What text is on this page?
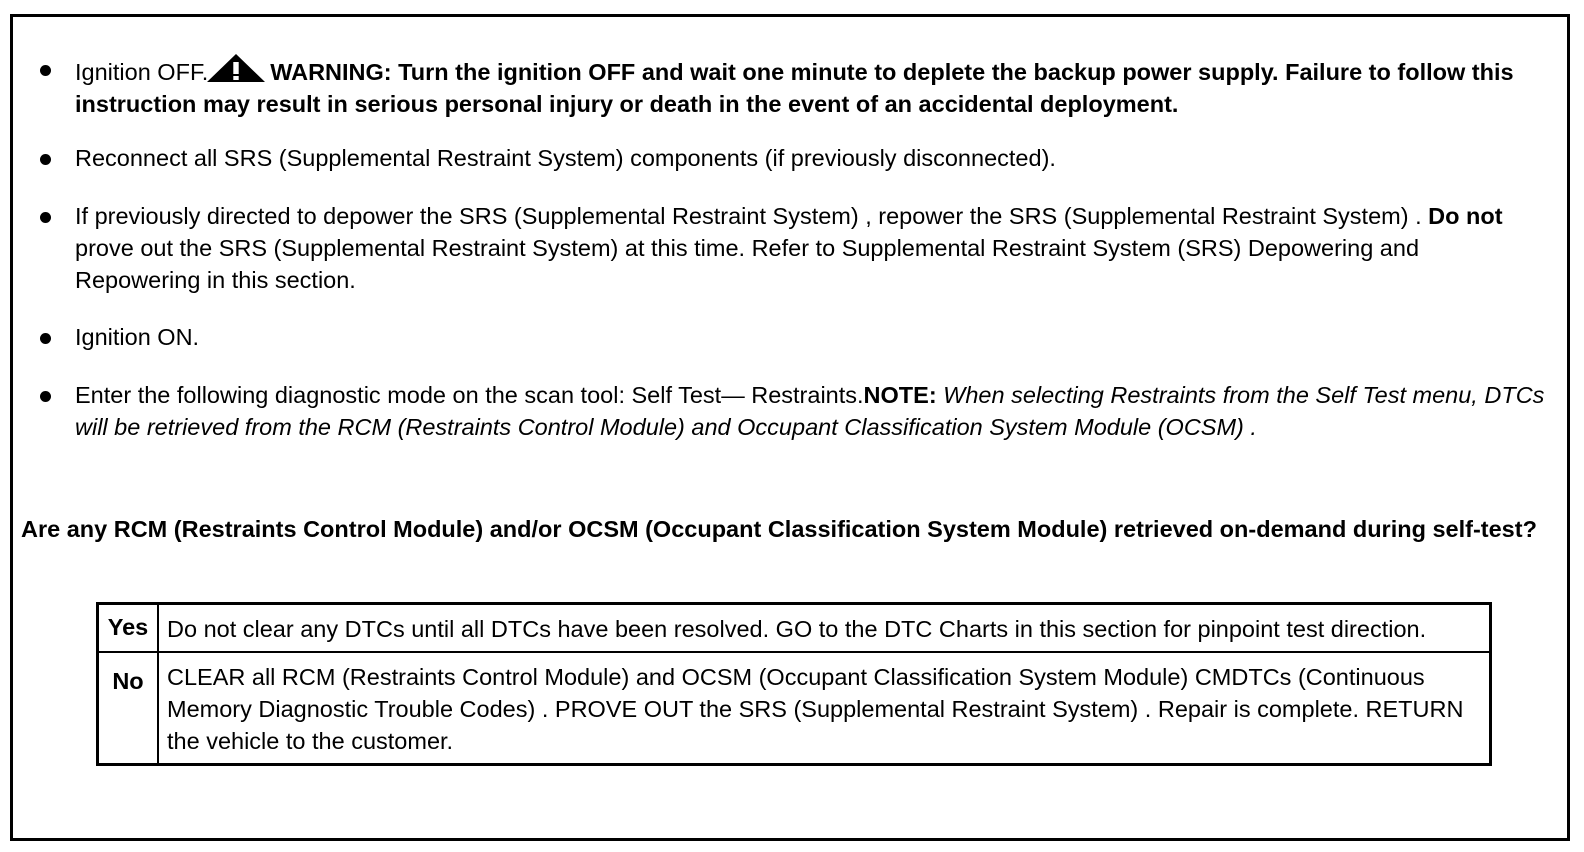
Ignition OFF.	WARNING: Turn the ignition OFF and wait one minute to deplete the backup power supply. Failure to follow this instruction may result in serious personal injury or death in the event of an accidental deployment.
Reconnect all SRS (Supplemental Restraint System) components (if previously disconnected).
If previously directed to depower the SRS (Supplemental Restraint System) , repower the SRS (Supplemental Restraint System) . Do not prove out the SRS (Supplemental Restraint System) at this time. Refer to Supplemental Restraint System (SRS) Depowering and Repowering in this section.
Ignition ON.
Enter the following diagnostic mode on the scan tool: Self Test— Restraints.NOTE: When selecting Restraints from the Self Test menu, DTCs will be retrieved from the RCM (Restraints Control Module) and Occupant Classification System Module (OCSM) .
Are any RCM (Restraints Control Module) and/or OCSM (Occupant Classification System Module) retrieved on-demand during self-test?
Yes	Do not clear any DTCs until all DTCs have been resolved. GO to the DTC Charts in this section for pinpoint test direction.
No	CLEAR all RCM (Restraints Control Module) and OCSM (Occupant Classification System Module) CMDTCs (Continuous Memory Diagnostic Trouble Codes) . PROVE OUT the SRS (Supplemental Restraint System) . Repair is complete. RETURN the vehicle to the customer.
